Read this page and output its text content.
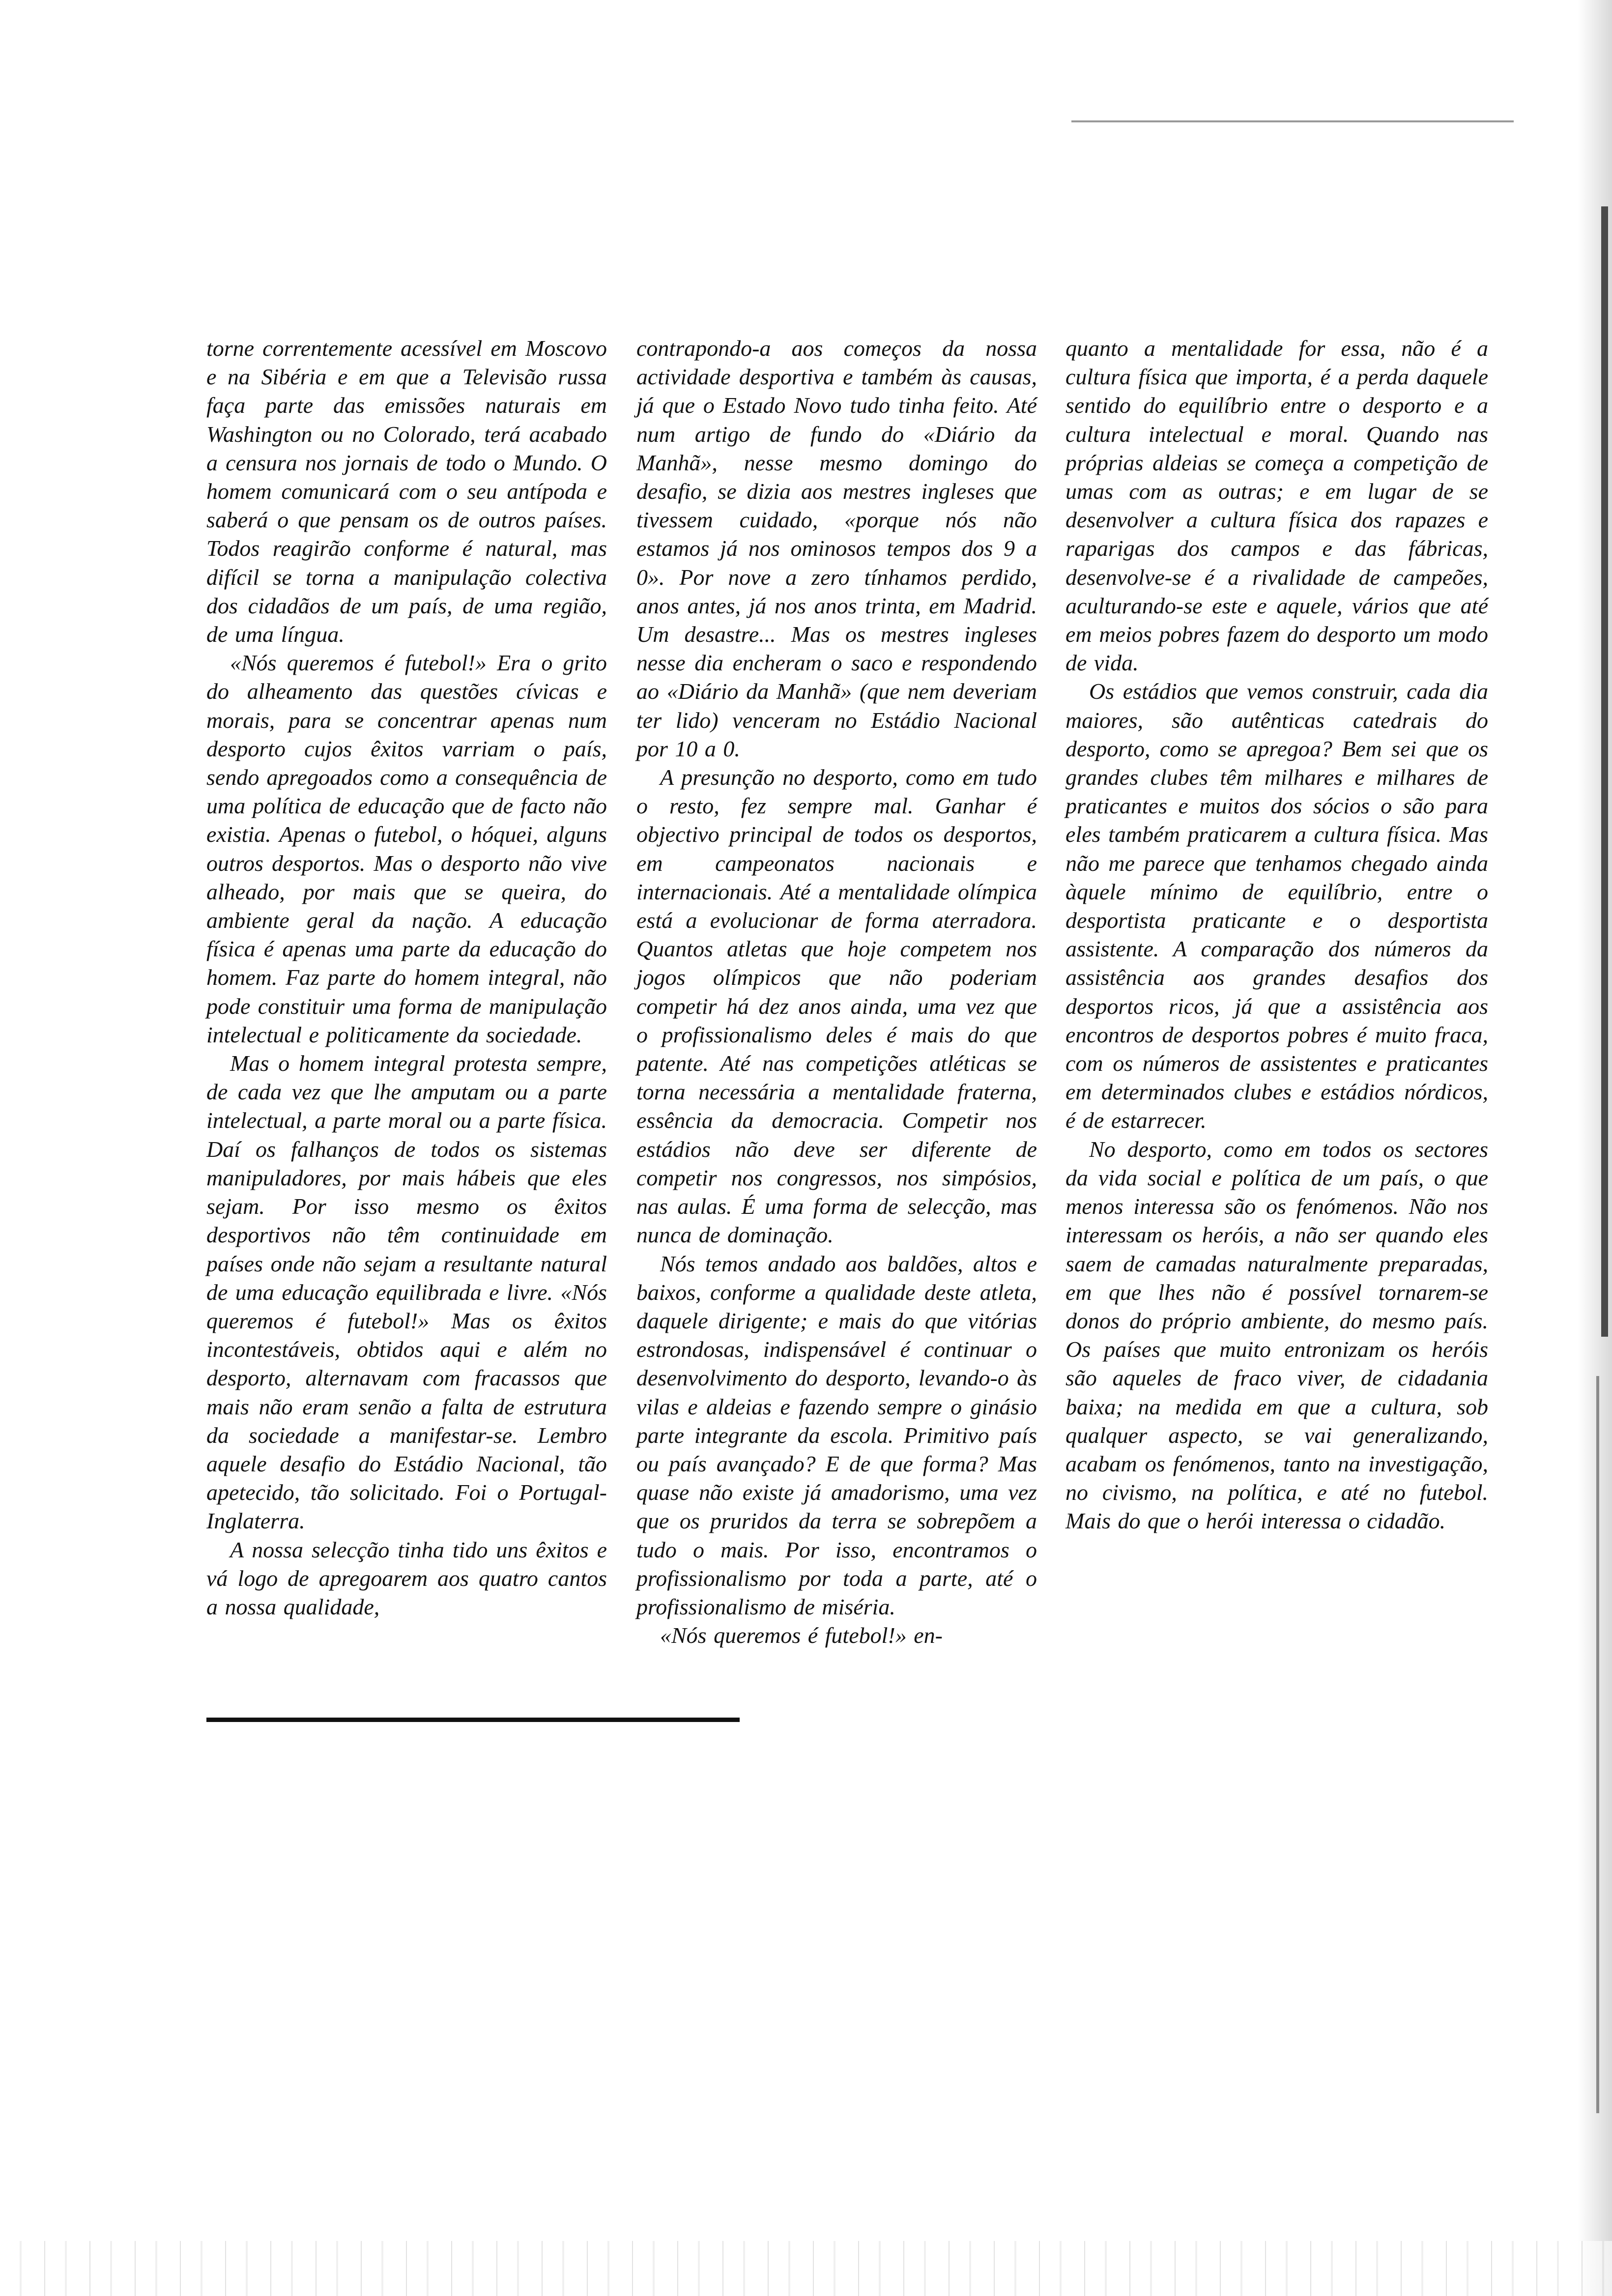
torne correntemente acessível em Moscovo e na Sibéria e em que a Televisão russa faça parte das emissões naturais em Washington ou no Colorado, terá acabado a censura nos jornais de todo o Mundo. O homem comunicará com o seu antípoda e saberá o que pensam os de outros países. Todos reagirão conforme é natural, mas difícil se torna a manipulação colectiva dos cidadãos de um país, de uma região, de uma língua.

«Nós queremos é futebol!» Era o grito do alheamento das questões cívicas e morais, para se concentrar apenas num desporto cujos êxitos varriam o país, sendo apregoados como a consequência de uma política de educação que de facto não existia. Apenas o futebol, o hóquei, alguns outros desportos. Mas o desporto não vive alheado, por mais que se queira, do ambiente geral da nação. A educação física é apenas uma parte da educação do homem. Faz parte do homem integral, não pode constituir uma forma de manipulação intelectual e politicamente da sociedade.

Mas o homem integral protesta sempre, de cada vez que lhe amputam ou a parte intelectual, a parte moral ou a parte física. Daí os falhanços de todos os sistemas manipuladores, por mais hábeis que eles sejam. Por isso mesmo os êxitos desportivos não têm continuidade em países onde não sejam a resultante natural de uma educação equilibrada e livre. «Nós queremos é futebol!» Mas os êxitos incontestáveis, obtidos aqui e além no desporto, alternavam com fracassos que mais não eram senão a falta de estrutura da sociedade a manifestar-se. Lembro aquele desafio do Estádio Nacional, tão apetecido, tão solicitado. Foi o Portugal-Inglaterra.

A nossa selecção tinha tido uns êxitos e vá logo de apregoarem aos quatro cantos a nossa qualidade,

contrapondo-a aos começos da nossa actividade desportiva e também às causas, já que o Estado Novo tudo tinha feito. Até num artigo de fundo do «Diário da Manhã», nesse mesmo domingo do desafio, se dizia aos mestres ingleses que tivessem cuidado, «porque nós não estamos já nos ominosos tempos dos 9 a 0». Por nove a zero tínhamos perdido, anos antes, já nos anos trinta, em Madrid. Um desastre... Mas os mestres ingleses nesse dia encheram o saco e respondendo ao «Diário da Manhã» (que nem deveriam ter lido) venceram no Estádio Nacional por 10 a 0.

A presunção no desporto, como em tudo o resto, fez sempre mal. Ganhar é objectivo principal de todos os desportos, em campeonatos nacionais e internacionais. Até a mentalidade olímpica está a evolucionar de forma aterradora. Quantos atletas que hoje competem nos jogos olímpicos que não poderiam competir há dez anos ainda, uma vez que o profissionalismo deles é mais do que patente. Até nas competições atléticas se torna necessária a mentalidade fraterna, essência da democracia. Competir nos estádios não deve ser diferente de competir nos congressos, nos simpósios, nas aulas. É uma forma de selecção, mas nunca de dominação.

Nós temos andado aos baldões, altos e baixos, conforme a qualidade deste atleta, daquele dirigente; e mais do que vitórias estrondosas, indispensável é continuar o desenvolvimento do desporto, levando-o às vilas e aldeias e fazendo sempre o ginásio parte integrante da escola. Primitivo país ou país avançado? E de que forma? Mas quase não existe já amadorismo, uma vez que os pruridos da terra se sobrepõem a tudo o mais. Por isso, encontramos o profissionalismo por toda a parte, até o profissionalismo de miséria.

«Nós queremos é futebol!» en-

quanto a mentalidade for essa, não é a cultura física que importa, é a perda daquele sentido do equilíbrio entre o desporto e a cultura intelectual e moral. Quando nas próprias aldeias se começa a competição de umas com as outras; e em lugar de se desenvolver a cultura física dos rapazes e raparigas dos campos e das fábricas, desenvolve-se é a rivalidade de campeões, aculturando-se este e aquele, vários que até em meios pobres fazem do desporto um modo de vida.

Os estádios que vemos construir, cada dia maiores, são autênticas catedrais do desporto, como se apregoa? Bem sei que os grandes clubes têm milhares e milhares de praticantes e muitos dos sócios o são para eles também praticarem a cultura física. Mas não me parece que tenhamos chegado ainda àquele mínimo de equilíbrio, entre o desportista praticante e o desportista assistente. A comparação dos números da assistência aos grandes desafios dos desportos ricos, já que a assistência aos encontros de desportos pobres é muito fraca, com os números de assistentes e praticantes em determinados clubes e estádios nórdicos, é de estarrecer.

No desporto, como em todos os sectores da vida social e política de um país, o que menos interessa são os fenómenos. Não nos interessam os heróis, a não ser quando eles saem de camadas naturalmente preparadas, em que lhes não é possível tornarem-se donos do próprio ambiente, do mesmo país. Os países que muito entronizam os heróis são aqueles de fraco viver, de cidadania baixa; na medida em que a cultura, sob qualquer aspecto, se vai generalizando, acabam os fenómenos, tanto na investigação, no civismo, na política, e até no futebol. Mais do que o herói interessa o cidadão.
